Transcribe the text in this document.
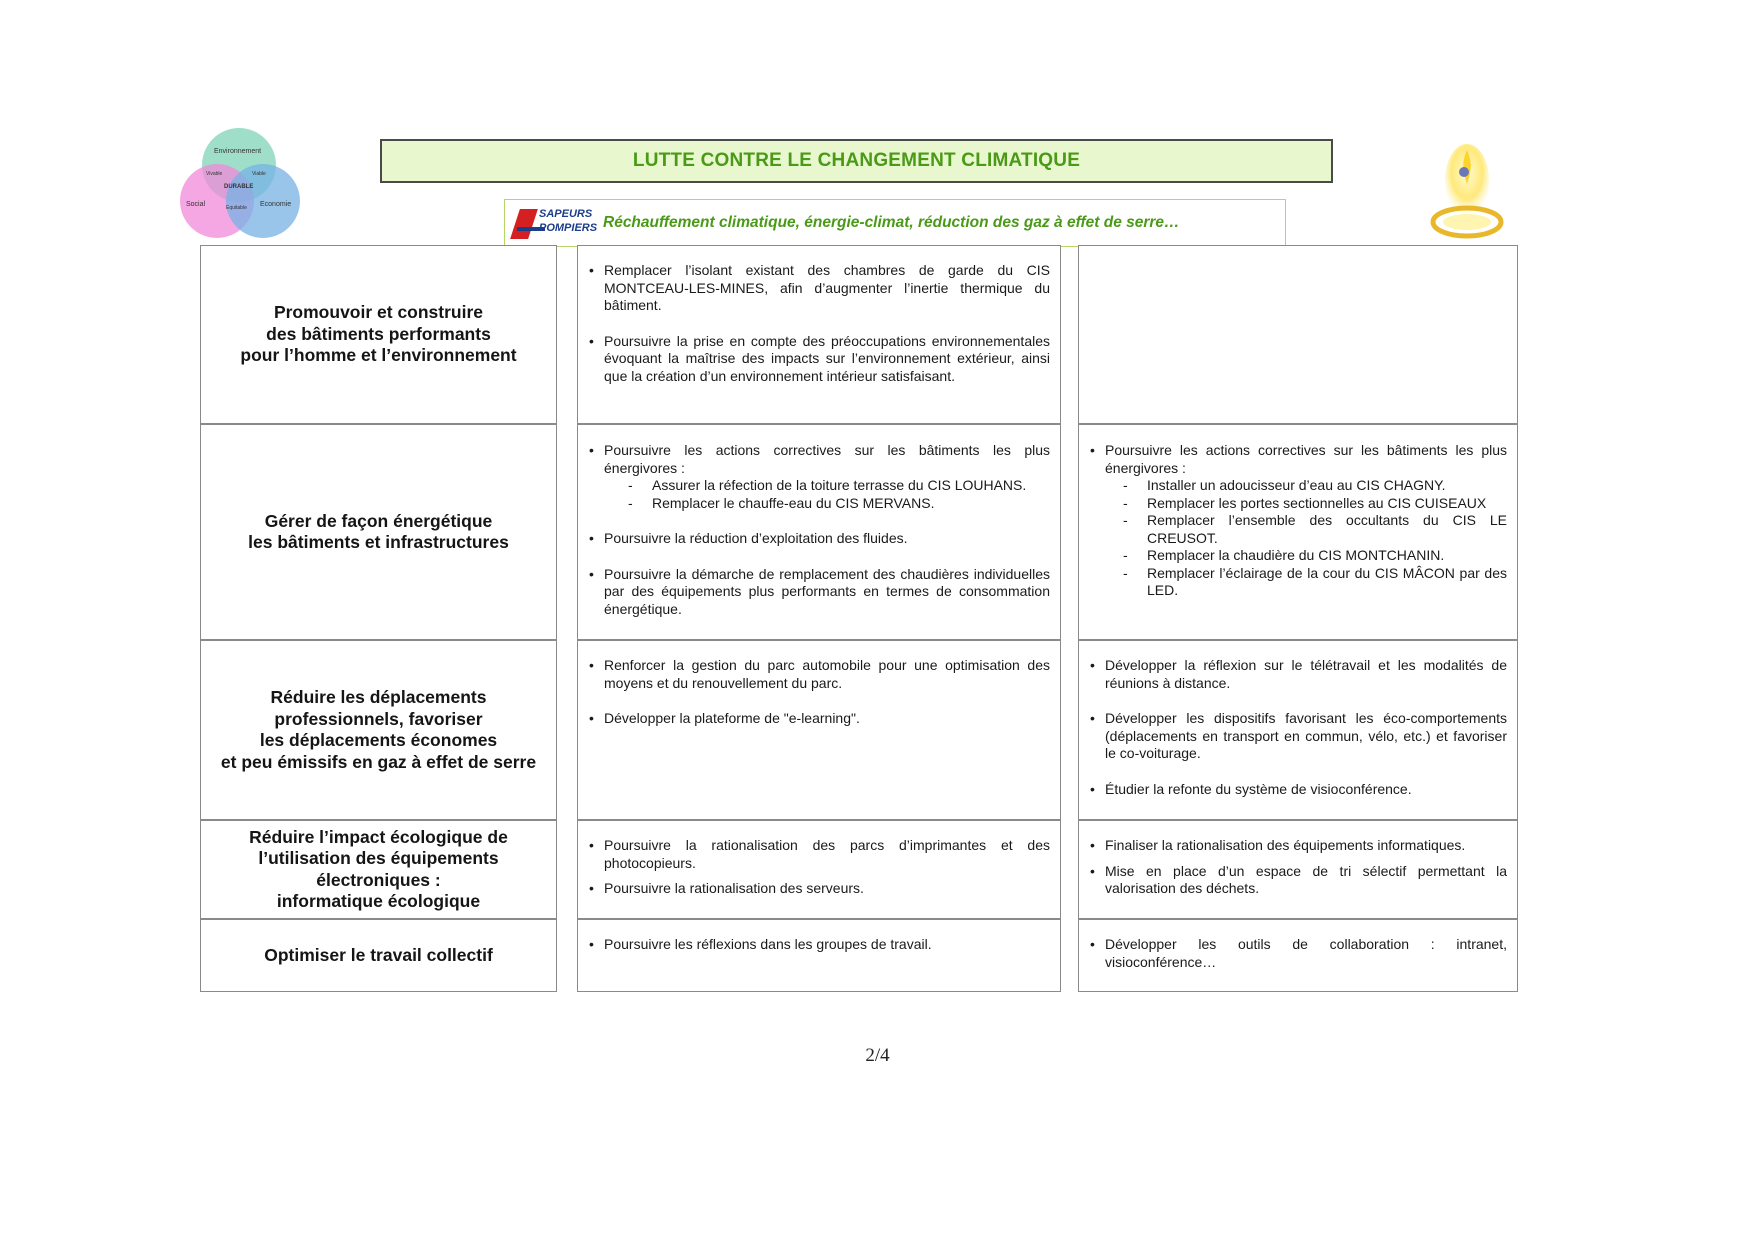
Environnement
Social	Economie
DURABLE
Vivable	Viable
Equitable
LUTTE CONTRE LE CHANGEMENT CLIMATIQUE
SAPEURS
POMPIERS Réchauffement climatique, énergie-climat, réduction des gaz à effet de serre…
Promouvoir et construire
des bâtiments performants
pour l’homme et l’environnement
• Remplacer l’isolant existant des chambres de garde du CIS MONTCEAU-LES-MINES, afin d’augmenter l’inertie thermique du bâtiment.
• Poursuivre la prise en compte des préoccupations environnementales évoquant la maîtrise des impacts sur l’environnement extérieur, ainsi que la création d’un environnement intérieur satisfaisant.
Gérer de façon énergétique
les bâtiments et infrastructures
• Poursuivre les actions correctives sur les bâtiments les plus énergivores :
- Assurer la réfection de la toiture terrasse du CIS LOUHANS.
- Remplacer le chauffe-eau du CIS MERVANS.
• Poursuivre la réduction d’exploitation des fluides.
• Poursuivre la démarche de remplacement des chaudières individuelles par des équipements plus performants en termes de consommation énergétique.
• Poursuivre les actions correctives sur les bâtiments les plus énergivores :
- Installer un adoucisseur d’eau au CIS CHAGNY.
- Remplacer les portes sectionnelles au CIS CUISEAUX
- Remplacer l’ensemble des occultants du CIS LE CREUSOT.
- Remplacer la chaudière du CIS MONTCHANIN.
- Remplacer l’éclairage de la cour du CIS MÂCON par des LED.
Réduire les déplacements
professionnels, favoriser
les déplacements économes
et peu émissifs en gaz à effet de serre
• Renforcer la gestion du parc automobile pour une optimisation des moyens et du renouvellement du parc.
• Développer la plateforme de "e-learning".
• Développer la réflexion sur le télétravail et les modalités de réunions à distance.
• Développer les dispositifs favorisant les éco-comportements (déplacements en transport en commun, vélo, etc.) et favoriser le co-voiturage.
• Étudier la refonte du système de visioconférence.
Réduire l’impact écologique de
l’utilisation des équipements
électroniques :
informatique écologique
• Poursuivre la rationalisation des parcs d’imprimantes et des photocopieurs.
• Poursuivre la rationalisation des serveurs.
• Finaliser la rationalisation des équipements informatiques.
• Mise en place d’un espace de tri sélectif permettant la valorisation des déchets.
Optimiser le travail collectif
• Poursuivre les réflexions dans les groupes de travail.
•	Développer les outils de collaboration : intranet, visioconférence…
2/4
